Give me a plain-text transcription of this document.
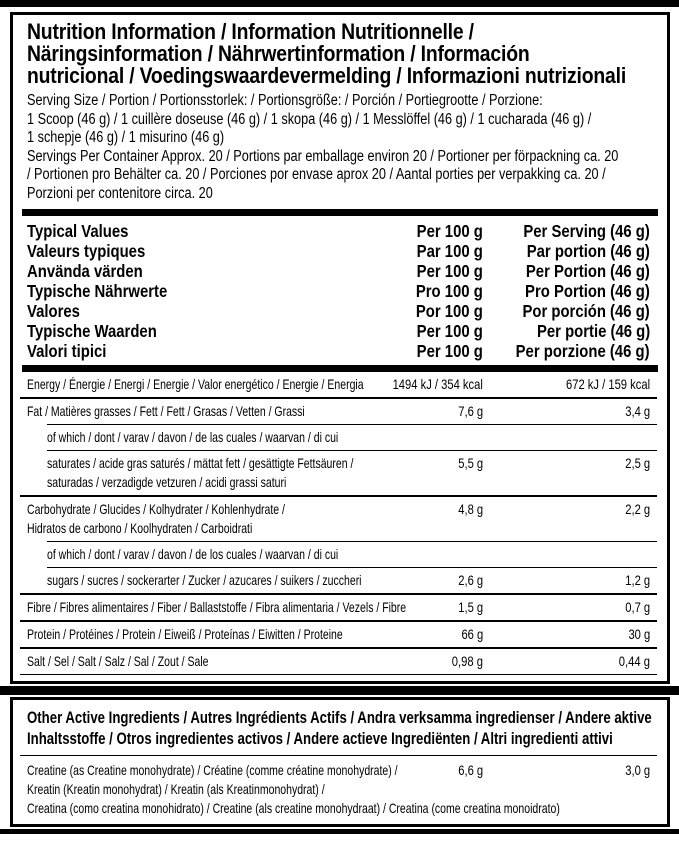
Nutrition Information / Information Nutritionnelle /
Näringsinformation / Nährwertinformation / Información
nutricional / Voedingswaardevermelding / Informazioni nutrizionali
Serving Size / Portion / Portionsstorlek: / Portionsgröße: / Porción / Portiegrootte / Porzione:
1 Scoop (46 g) / 1 cuillère doseuse (46 g) / 1 skopa (46 g) / 1 Messlöffel (46 g) / 1 cucharada (46 g) /
1 schepje (46 g) / 1 misurino (46 g)
Servings Per Container Approx. 20 / Portions par emballage environ 20 / Portioner per förpackning ca. 20
/ Portionen pro Behälter ca. 20 / Porciones por envase aprox 20 / Aantal porties per verpakking ca. 20 /
Porzioni per contenitore circa. 20
Typical Values	Per 100 g Per Serving (46 g)
Valeurs typiques	Par 100 g	Par portion (46 g)
Använda värden	Per 100 g Per Portion (46 g)
Typische Nährwerte	Pro 100 g Pro Portion (46 g)
Valores	Por 100 g Por porción (46 g)
Typische Waarden	Per 100 g	Per portie (46 g)
Valori tipici	Per 100 g Per porzione (46 g)
Energy / Énergie / Energi / Energie / Valor energético / Energie / Energia	1494 kJ / 354 kcal	672 kJ / 159 kcal
Fat / Matières grasses / Fett / Fett / Grasas / Vetten / Grassi	7,6 g	3,4 g
of which / dont / varav / davon / de las cuales / waarvan / di cui
saturates / acide gras saturés / mättat fett / gesättigte Fettsäuren /
saturadas / verzadigde vetzuren / acidi grassi saturi
5,5 g	2,5 g
Carbohydrate / Glucides / Kolhydrater / Kohlenhydrate /
Hidratos de carbono / Koolhydraten / Carboidrati
4,8 g	2,2 g
of which / dont / varav / davon / de los cuales / waarvan / di cui
sugars / sucres / sockerarter / Zucker / azucares / suikers / zuccheri	2,6 g	1,2 g
Fibre / Fibres alimentaires / Fiber / Ballaststoffe / Fibra alimentaria / Vezels / Fibre	1,5 g	0,7 g
Protein / Protéines / Protein / Eiweiß / Proteínas / Eiwitten / Proteine	66 g	30 g
Salt / Sel / Salt / Salz / Sal / Zout / Sale	0,98 g	0,44 g
Other Active Ingredients / Autres Ingrédients Actifs / Andra verksamma ingredienser / Andere aktive
Inhaltsstoffe / Otros ingredientes activos / Andere actieve Ingrediënten / Altri ingredienti attivi
Creatine (as Creatine monohydrate) / Créatine (comme créatine monohydrate) /
Kreatin (Kreatin monohydrat) / Kreatin (als Kreatinmonohydrat) /
Creatina (como creatina monohidrato) / Creatine (als creatine monohydraat) / Creatina (come creatina monoidrato)
6,6 g	3,0 g
